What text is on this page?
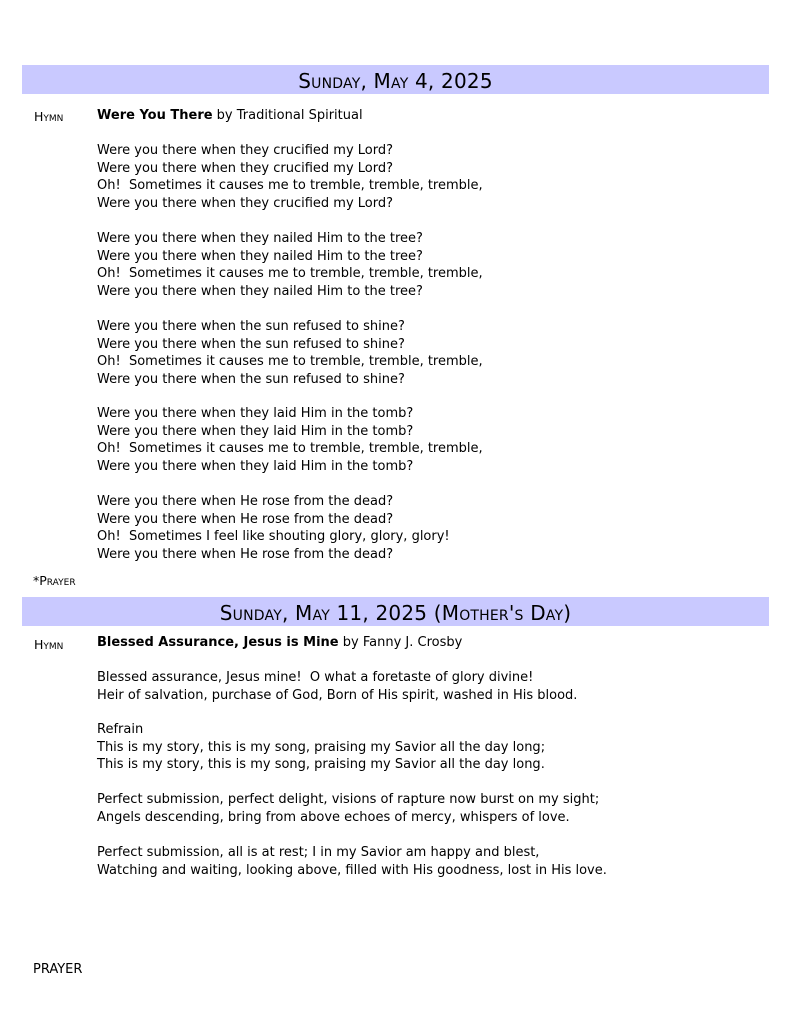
Sunday, May 4, 2025
Hymn	Were You There by Traditional Spiritual
Were you there when they crucified my Lord?
Were you there when they crucified my Lord?
Oh!  Sometimes it causes me to tremble, tremble, tremble,
Were you there when they crucified my Lord?
Were you there when they nailed Him to the tree?
Were you there when they nailed Him to the tree?
Oh!  Sometimes it causes me to tremble, tremble, tremble,
Were you there when they nailed Him to the tree?
Were you there when the sun refused to shine?
Were you there when the sun refused to shine?
Oh!  Sometimes it causes me to tremble, tremble, tremble,
Were you there when the sun refused to shine?
Were you there when they laid Him in the tomb?
Were you there when they laid Him in the tomb?
Oh!  Sometimes it causes me to tremble, tremble, tremble,
Were you there when they laid Him in the tomb?
Were you there when He rose from the dead?
Were you there when He rose from the dead?
Oh!  Sometimes I feel like shouting glory, glory, glory!
Were you there when He rose from the dead?
*Prayer
Sunday, May 11, 2025 (Mother's Day)
Hymn	Blessed Assurance, Jesus is Mine by Fanny J. Crosby
Blessed assurance, Jesus mine!  O what a foretaste of glory divine!
Heir of salvation, purchase of God, Born of His spirit, washed in His blood.
Refrain
This is my story, this is my song, praising my Savior all the day long;
This is my story, this is my song, praising my Savior all the day long.
Perfect submission, perfect delight, visions of rapture now burst on my sight;
Angels descending, bring from above echoes of mercy, whispers of love.
Perfect submission, all is at rest; I in my Savior am happy and blest,
Watching and waiting, looking above, filled with His goodness, lost in His love.
PRAYER
